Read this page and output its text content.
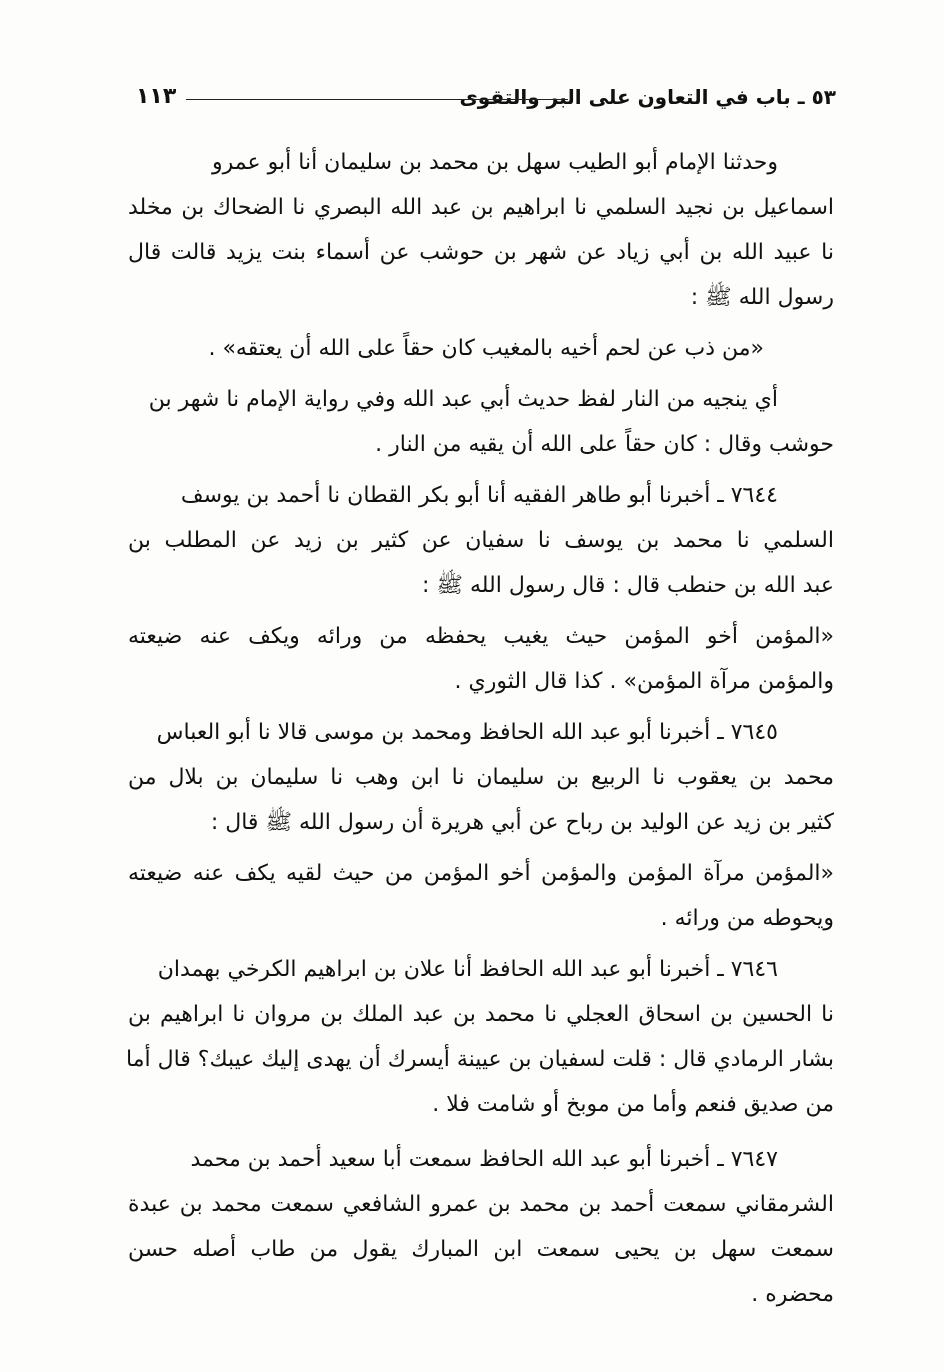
٥٣ ـ باب في التعاون على البر والتقوى
١١٣
وحدثنا الإمام أبو الطيب سهل بن محمد بن سليمان أنا أبو عمرو
اسماعيل بن نجيد السلمي نا ابراهيم بن عبد الله البصري نا الضحاك بن مخلد
نا عبيد الله بن أبي زياد عن شهر بن حوشب عن أسماء بنت يزيد قالت قال
رسول الله ﷺ :
«من ذب عن لحم أخيه بالمغيب كان حقاً على الله أن يعتقه» .
أي ينجيه من النار لفظ حديث أبي عبد الله وفي رواية الإمام نا شهر بن
حوشب وقال : كان حقاً على الله أن يقيه من النار .
٧٦٤٤ ـ أخبرنا أبو طاهر الفقيه أنا أبو بكر القطان نا أحمد بن يوسف
السلمي نا محمد بن يوسف نا سفيان عن كثير بن زيد عن المطلب بن
عبد الله بن حنطب قال : قال رسول الله ﷺ :
«المؤمن أخو المؤمن حيث يغيب يحفظه من ورائه ويكف عنه ضيعته
والمؤمن مرآة المؤمن» . كذا قال الثوري .
٧٦٤٥ ـ أخبرنا أبو عبد الله الحافظ ومحمد بن موسى قالا نا أبو العباس
محمد بن يعقوب نا الربيع بن سليمان نا ابن وهب نا سليمان بن بلال من
كثير بن زيد عن الوليد بن رباح عن أبي هريرة أن رسول الله ﷺ قال :
«المؤمن مرآة المؤمن والمؤمن أخو المؤمن من حيث لقيه يكف عنه ضيعته
ويحوطه من ورائه .
٧٦٤٦ ـ أخبرنا أبو عبد الله الحافظ أنا علان بن ابراهيم الكرخي بهمدان
نا الحسين بن اسحاق العجلي نا محمد بن عبد الملك بن مروان نا ابراهيم بن
بشار الرمادي قال : قلت لسفيان بن عيينة أيسرك أن يهدى إليك عيبك؟ قال أما
من صديق فنعم وأما من موبخ أو شامت فلا .
٧٦٤٧ ـ أخبرنا أبو عبد الله الحافظ سمعت أبا سعيد أحمد بن محمد
الشرمقاني سمعت أحمد بن محمد بن عمرو الشافعي سمعت محمد بن عبدة
سمعت سهل بن يحيى سمعت ابن المبارك يقول من طاب أصله حسن
محضره .
